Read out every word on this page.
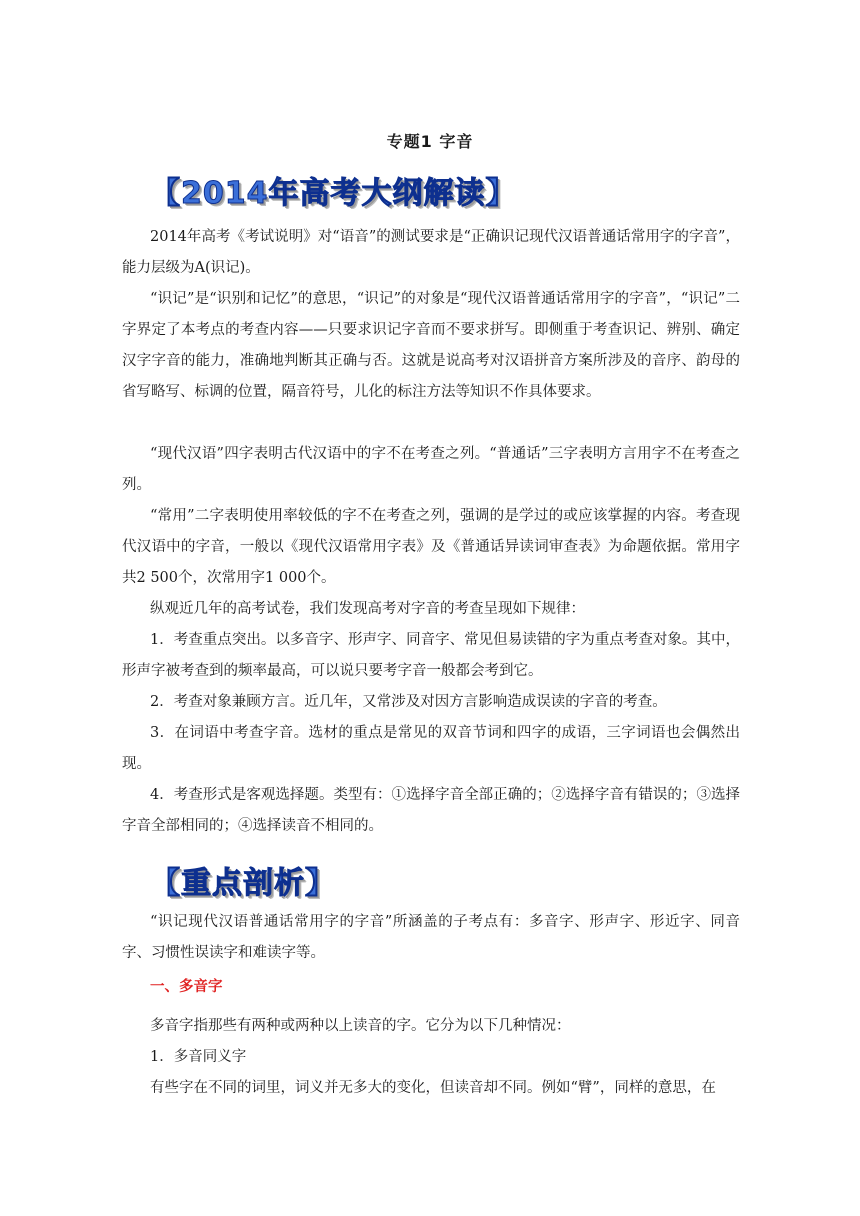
专题1 字音
【2014年高考大纲解读】
2014年高考《考试说明》对“语音”的测试要求是“正确识记现代汉语普通话常用字的字音”，能力层级为A(识记)。
“识记”是“识别和记忆”的意思，“识记”的对象是“现代汉语普通话常用字的字音”，“识记”二字界定了本考点的考查内容——只要求识记字音而不要求拼写。即侧重于考查识记、辨别、确定汉字字音的能力，准确地判断其正确与否。这就是说高考对汉语拼音方案所涉及的音序、韵母的省写略写、标调的位置，隔音符号，儿化的标注方法等知识不作具体要求。
“现代汉语”四字表明古代汉语中的字不在考查之列。“普通话”三字表明方言用字不在考查之列。
“常用”二字表明使用率较低的字不在考查之列，强调的是学过的或应该掌握的内容。考查现代汉语中的字音，一般以《现代汉语常用字表》及《普通话异读词审查表》为命题依据。常用字共2 500个，次常用字1 000个。
纵观近几年的高考试卷，我们发现高考对字音的考查呈现如下规律：
1．考查重点突出。以多音字、形声字、同音字、常见但易读错的字为重点考查对象。其中，形声字被考查到的频率最高，可以说只要考字音一般都会考到它。
2．考查对象兼顾方言。近几年，又常涉及对因方言影响造成误读的字音的考查。
3．在词语中考查字音。选材的重点是常见的双音节词和四字的成语，三字词语也会偶然出现。
4．考查形式是客观选择题。类型有：①选择字音全部正确的；②选择字音有错误的；③选择字音全部相同的；④选择读音不相同的。
【重点剖析】
“识记现代汉语普通话常用字的字音”所涵盖的子考点有：多音字、形声字、形近字、同音字、习惯性误读字和难读字等。
一、多音字
多音字指那些有两种或两种以上读音的字。它分为以下几种情况：
1．多音同义字
有些字在不同的词里，词义并无多大的变化，但读音却不同。例如“臂”，同样的意思，在
